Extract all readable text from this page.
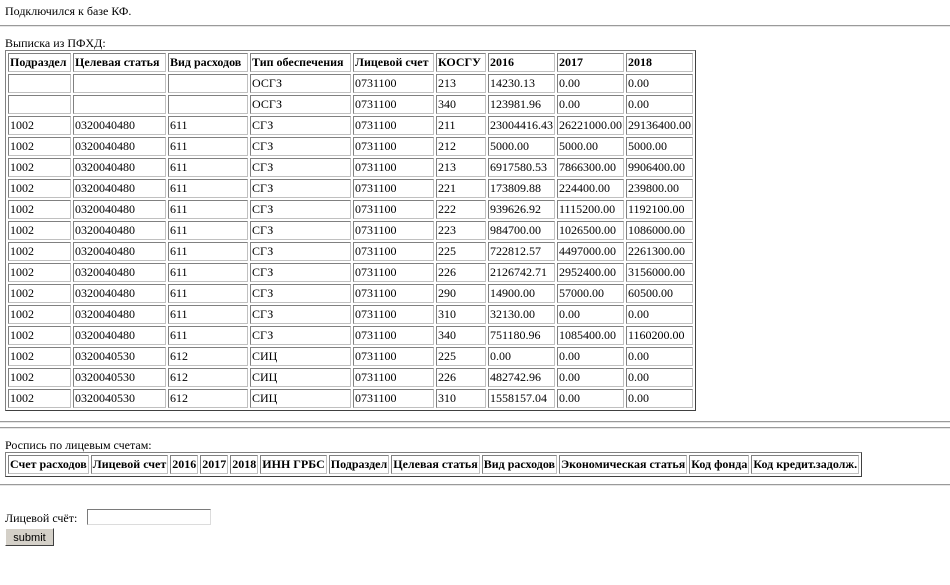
Подключился к базе КФ.
Выписка из ПФХД:
Подраздел	Целевая статья	Вид расходов	Тип обеспечения	Лицевой счет	КОСГУ	2016	2017	2018
			ОСГЗ	0731100	213	14230.13	0.00	0.00
			ОСГЗ	0731100	340	123981.96	0.00	0.00
1002	0320040480	611	СГЗ	0731100	211	23004416.43	26221000.00	29136400.00
1002	0320040480	611	СГЗ	0731100	212	5000.00	5000.00	5000.00
1002	0320040480	611	СГЗ	0731100	213	6917580.53	7866300.00	9906400.00
1002	0320040480	611	СГЗ	0731100	221	173809.88	224400.00	239800.00
1002	0320040480	611	СГЗ	0731100	222	939626.92	1115200.00	1192100.00
1002	0320040480	611	СГЗ	0731100	223	984700.00	1026500.00	1086000.00
1002	0320040480	611	СГЗ	0731100	225	722812.57	4497000.00	2261300.00
1002	0320040480	611	СГЗ	0731100	226	2126742.71	2952400.00	3156000.00
1002	0320040480	611	СГЗ	0731100	290	14900.00	57000.00	60500.00
1002	0320040480	611	СГЗ	0731100	310	32130.00	0.00	0.00
1002	0320040480	611	СГЗ	0731100	340	751180.96	1085400.00	1160200.00
1002	0320040530	612	СИЦ	0731100	225	0.00	0.00	0.00
1002	0320040530	612	СИЦ	0731100	226	482742.96	0.00	0.00
1002	0320040530	612	СИЦ	0731100	310	1558157.04	0.00	0.00
Роспись по лицевым счетам:
Счет расходов	Лицевой счет	2016	2017	2018	ИНН ГРБС	Подраздел	Целевая статья	Вид расходов	Экономическая статья	Код фонда	Код кредит.задолж.
Лицевой счёт:
submit
